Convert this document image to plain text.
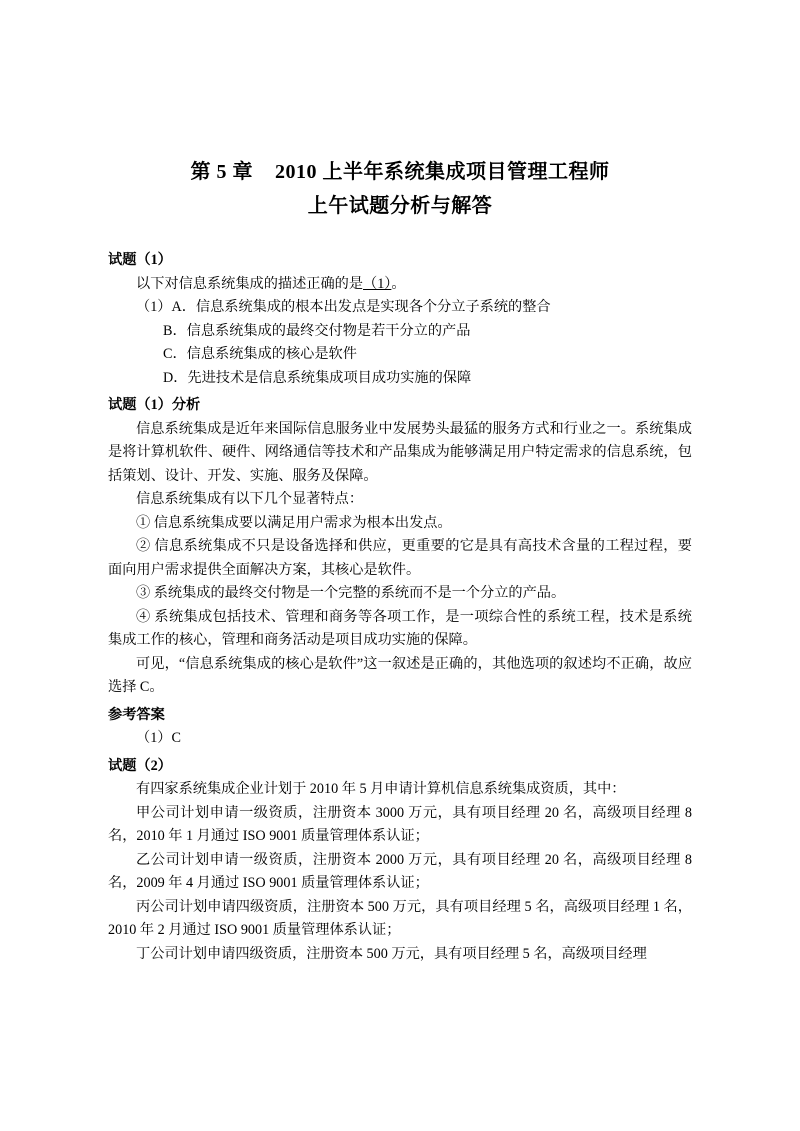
第 5 章    2010 上半年系统集成项目管理工程师
上午试题分析与解答

试题（1）

以下对信息系统集成的描述正确的是（1）。

（1）A．信息系统集成的根本出发点是实现各个分立子系统的整合

B．信息系统集成的最终交付物是若干分立的产品

C．信息系统集成的核心是软件

D．先进技术是信息系统集成项目成功实施的保障

试题（1）分析

信息系统集成是近年来国际信息服务业中发展势头最猛的服务方式和行业之一。系统集成是将计算机软件、硬件、网络通信等技术和产品集成为能够满足用户特定需求的信息系统，包括策划、设计、开发、实施、服务及保障。

信息系统集成有以下几个显著特点：

① 信息系统集成要以满足用户需求为根本出发点。

② 信息系统集成不只是设备选择和供应，更重要的它是具有高技术含量的工程过程，要面向用户需求提供全面解决方案，其核心是软件。

③ 系统集成的最终交付物是一个完整的系统而不是一个分立的产品。

④ 系统集成包括技术、管理和商务等各项工作，是一项综合性的系统工程，技术是系统集成工作的核心，管理和商务活动是项目成功实施的保障。

可见，“信息系统集成的核心是软件”这一叙述是正确的，其他选项的叙述均不正确，故应选择 C。

参考答案

（1）C

试题（2）

有四家系统集成企业计划于 2010 年 5 月申请计算机信息系统集成资质，其中：

甲公司计划申请一级资质，注册资本 3000 万元，具有项目经理 20 名，高级项目经理 8 名，2010 年 1 月通过 ISO 9001 质量管理体系认证；

乙公司计划申请一级资质，注册资本 2000 万元，具有项目经理 20 名，高级项目经理 8 名，2009 年 4 月通过 ISO 9001 质量管理体系认证；

丙公司计划申请四级资质，注册资本 500 万元，具有项目经理 5 名，高级项目经理 1 名，2010 年 2 月通过 ISO 9001 质量管理体系认证；

丁公司计划申请四级资质，注册资本 500 万元，具有项目经理 5 名，高级项目经理
